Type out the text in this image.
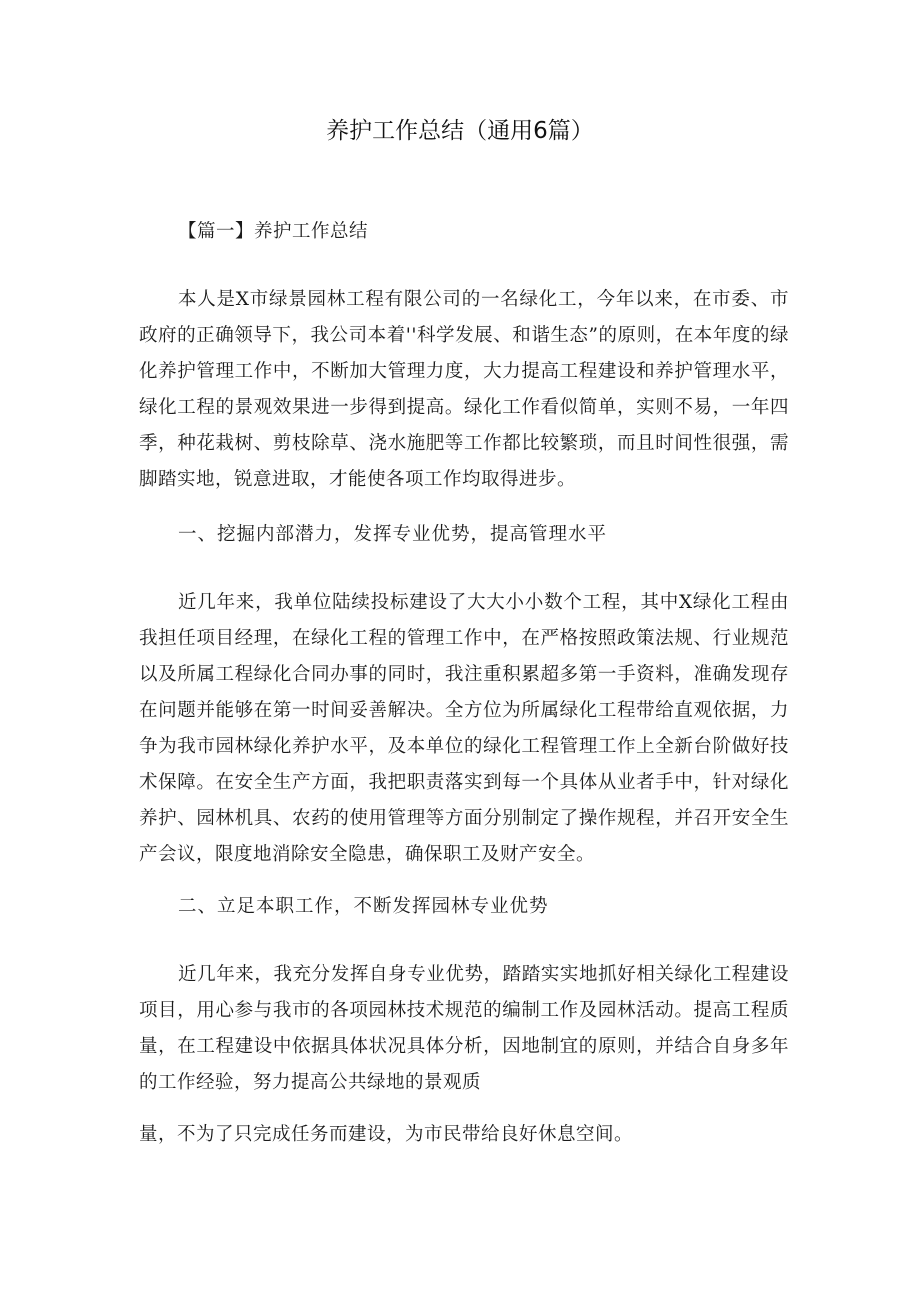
养护工作总结（通用6篇）

【篇一】养护工作总结

本人是X市绿景园林工程有限公司的一名绿化工，今年以来，在市委、市政府的正确领导下，我公司本着''科学发展、和谐生态”的原则，在本年度的绿化养护管理工作中，不断加大管理力度，大力提高工程建设和养护管理水平，绿化工程的景观效果进一步得到提高。绿化工作看似简单，实则不易，一年四季，种花栽树、剪枝除草、浇水施肥等工作都比较繁琐，而且时间性很强，需脚踏实地，锐意进取，才能使各项工作均取得进步。

一、挖掘内部潜力，发挥专业优势，提高管理水平

近几年来，我单位陆续投标建设了大大小小数个工程，其中X绿化工程由我担任项目经理，在绿化工程的管理工作中，在严格按照政策法规、行业规范以及所属工程绿化合同办事的同时，我注重积累超多第一手资料，准确发现存在问题并能够在第一时间妥善解决。全方位为所属绿化工程带给直观依据，力争为我市园林绿化养护水平，及本单位的绿化工程管理工作上全新台阶做好技术保障。在安全生产方面，我把职责落实到每一个具体从业者手中，针对绿化养护、园林机具、农药的使用管理等方面分别制定了操作规程，并召开安全生产会议，限度地消除安全隐患，确保职工及财产安全。

二、立足本职工作，不断发挥园林专业优势

近几年来，我充分发挥自身专业优势，踏踏实实地抓好相关绿化工程建设项目，用心参与我市的各项园林技术规范的编制工作及园林活动。提高工程质量，在工程建设中依据具体状况具体分析，因地制宜的原则，并结合自身多年的工作经验，努力提高公共绿地的景观质

量，不为了只完成任务而建设，为市民带给良好休息空间。
